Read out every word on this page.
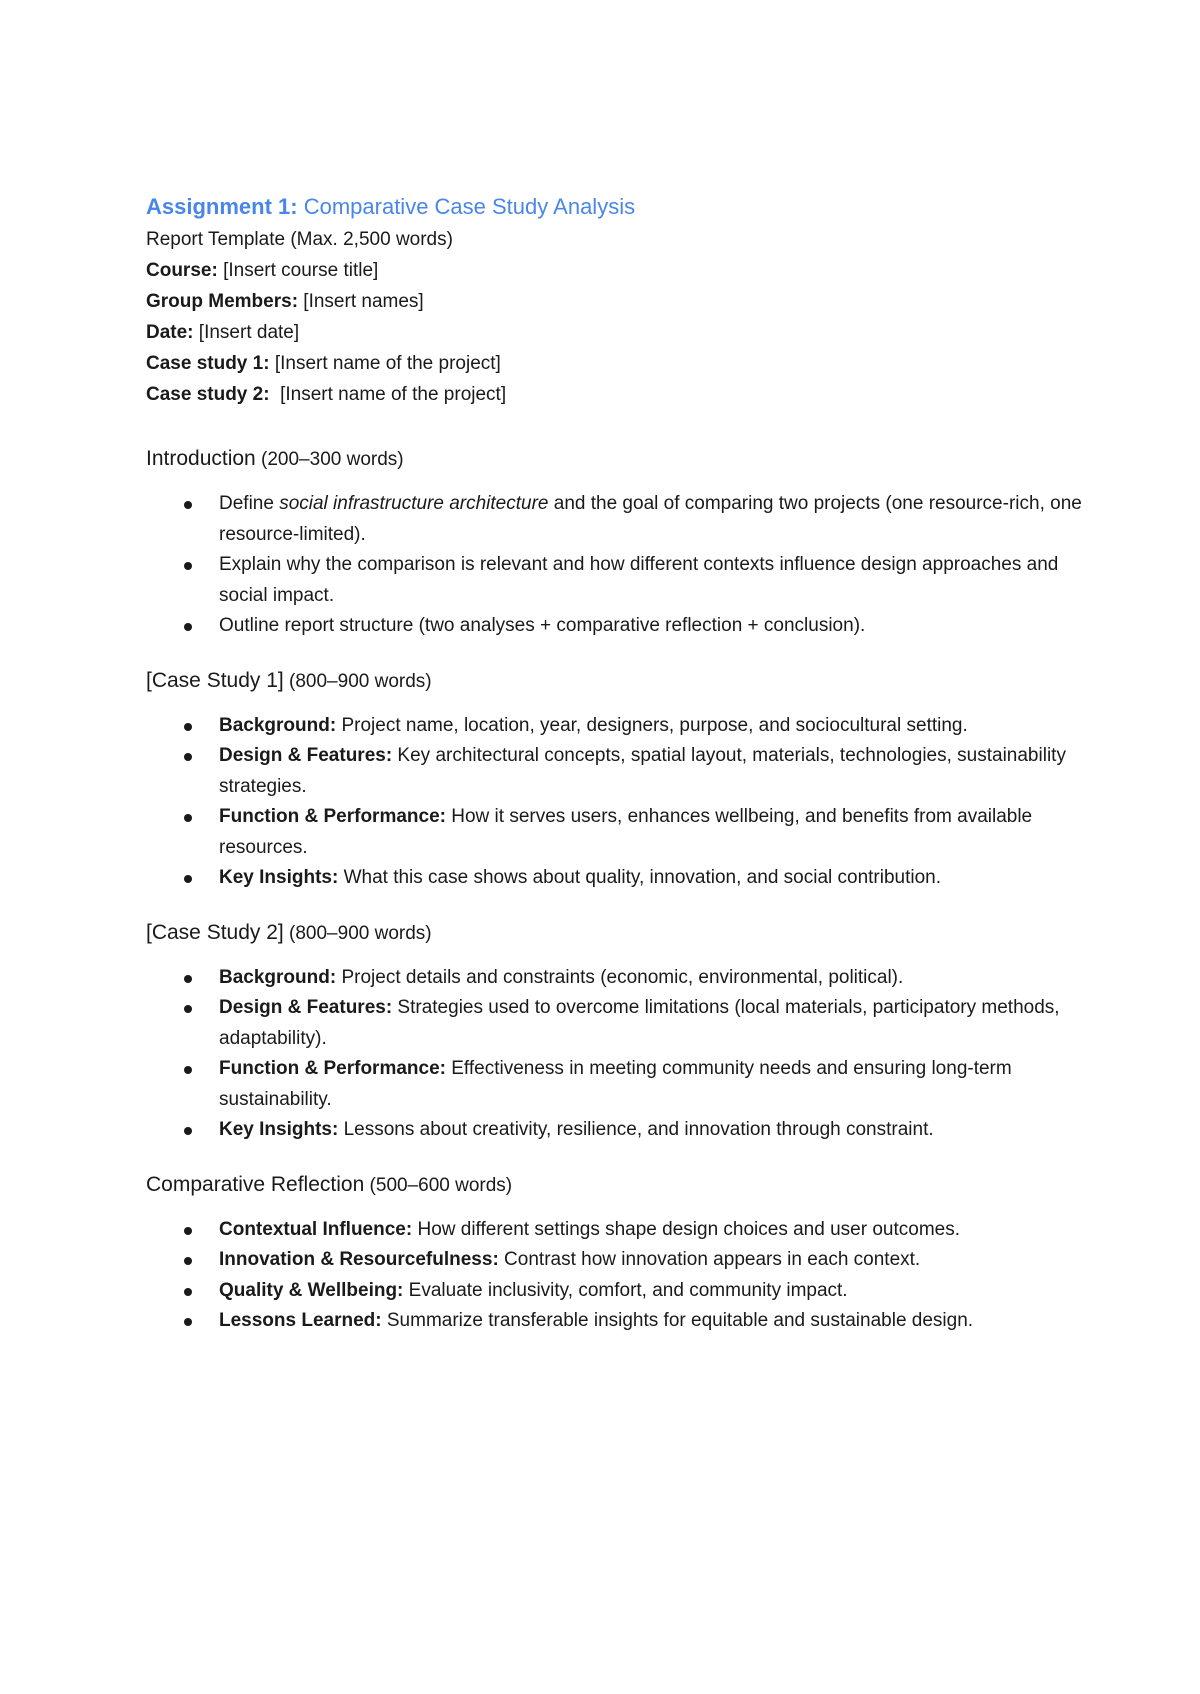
Assignment 1: Comparative Case Study Analysis

Report Template (Max. 2,500 words)

Course: [Insert course title]

Group Members: [Insert names]

Date: [Insert date]

Case study 1: [Insert name of the project]

Case study 2:  [Insert name of the project]

Introduction (200–300 words)

Define social infrastructure architecture and the goal of comparing two projects (one resource-rich, one resource-limited).
Explain why the comparison is relevant and how different contexts influence design approaches and social impact.
Outline report structure (two analyses + comparative reflection + conclusion).

[Case Study 1] (800–900 words)

Background: Project name, location, year, designers, purpose, and sociocultural setting.
Design & Features: Key architectural concepts, spatial layout, materials, technologies, sustainability strategies.
Function & Performance: How it serves users, enhances wellbeing, and benefits from available resources.
Key Insights: What this case shows about quality, innovation, and social contribution.

[Case Study 2] (800–900 words)

Background: Project details and constraints (economic, environmental, political).
Design & Features: Strategies used to overcome limitations (local materials, participatory methods, adaptability).
Function & Performance: Effectiveness in meeting community needs and ensuring long-term sustainability.
Key Insights: Lessons about creativity, resilience, and innovation through constraint.

Comparative Reflection (500–600 words)

Contextual Influence: How different settings shape design choices and user outcomes.
Innovation & Resourcefulness: Contrast how innovation appears in each context.
Quality & Wellbeing: Evaluate inclusivity, comfort, and community impact.
Lessons Learned: Summarize transferable insights for equitable and sustainable design.
